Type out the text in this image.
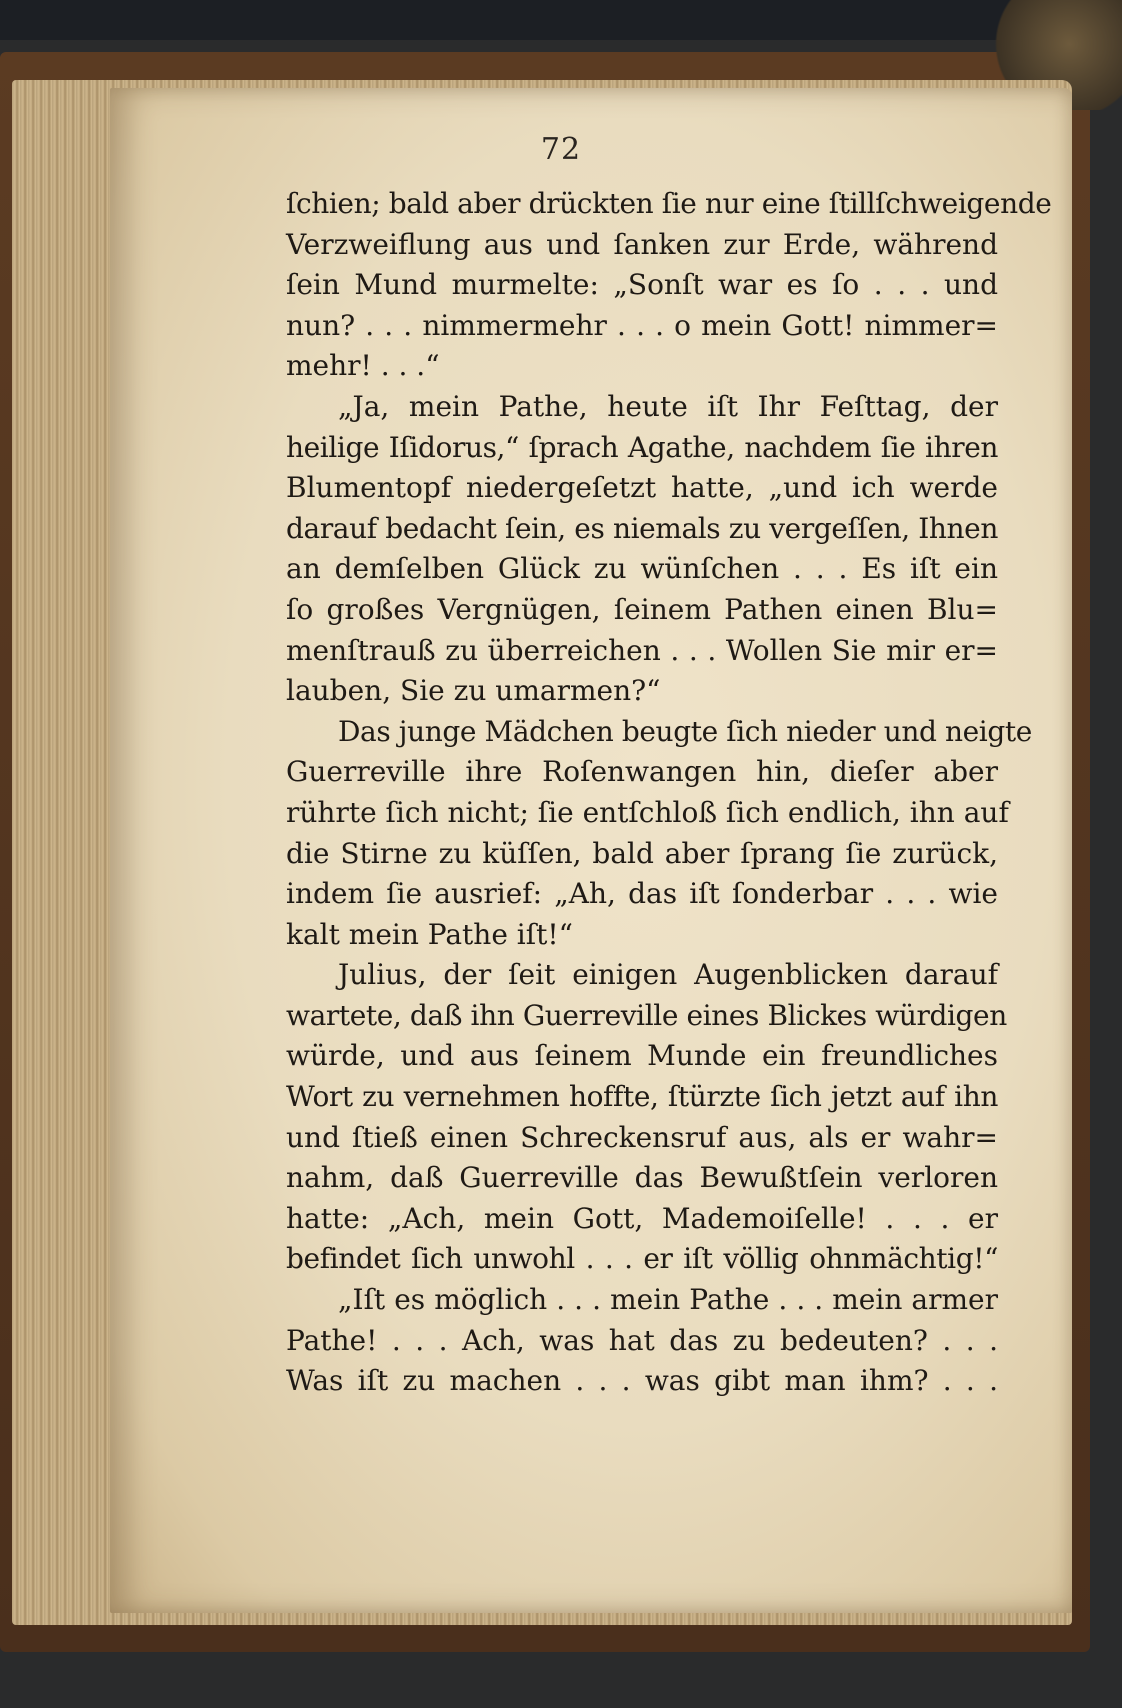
72
ſchien; bald aber drückten ſie nur eine ſtillſchweigende
Verzweiflung aus und ſanken zur Erde, während
ſein Mund murmelte: „Sonſt war es ſo . . . und
nun? . . . nimmermehr . . . o mein Gott! nimmer=
mehr! . . .“
„Ja, mein Pathe, heute iſt Ihr Feſttag, der
heilige Iſidorus,“ ſprach Agathe, nachdem ſie ihren
Blumentopf niedergeſetzt hatte, „und ich werde
darauf bedacht ſein, es niemals zu vergeſſen, Ihnen
an demſelben Glück zu wünſchen . . . Es iſt ein
ſo großes Vergnügen, ſeinem Pathen einen Blu=
menſtrauß zu überreichen . . . Wollen Sie mir er=
lauben, Sie zu umarmen?“
Das junge Mädchen beugte ſich nieder und neigte
Guerreville ihre Roſenwangen hin, dieſer aber
rührte ſich nicht; ſie entſchloß ſich endlich, ihn auf
die Stirne zu küſſen, bald aber ſprang ſie zurück,
indem ſie ausrief: „Ah, das iſt ſonderbar . . . wie
kalt mein Pathe iſt!“
Julius, der ſeit einigen Augenblicken darauf
wartete, daß ihn Guerreville eines Blickes würdigen
würde, und aus ſeinem Munde ein freundliches
Wort zu vernehmen hoffte, ſtürzte ſich jetzt auf ihn
und ſtieß einen Schreckensruf aus, als er wahr=
nahm, daß Guerreville das Bewußtſein verloren
hatte: „Ach, mein Gott, Mademoiſelle! . . . er
befindet ſich unwohl . . . er iſt völlig ohnmächtig!“
„Iſt es möglich . . . mein Pathe . . . mein armer
Pathe! . . . Ach, was hat das zu bedeuten? . . .
Was iſt zu machen . . . was gibt man ihm? . . .
